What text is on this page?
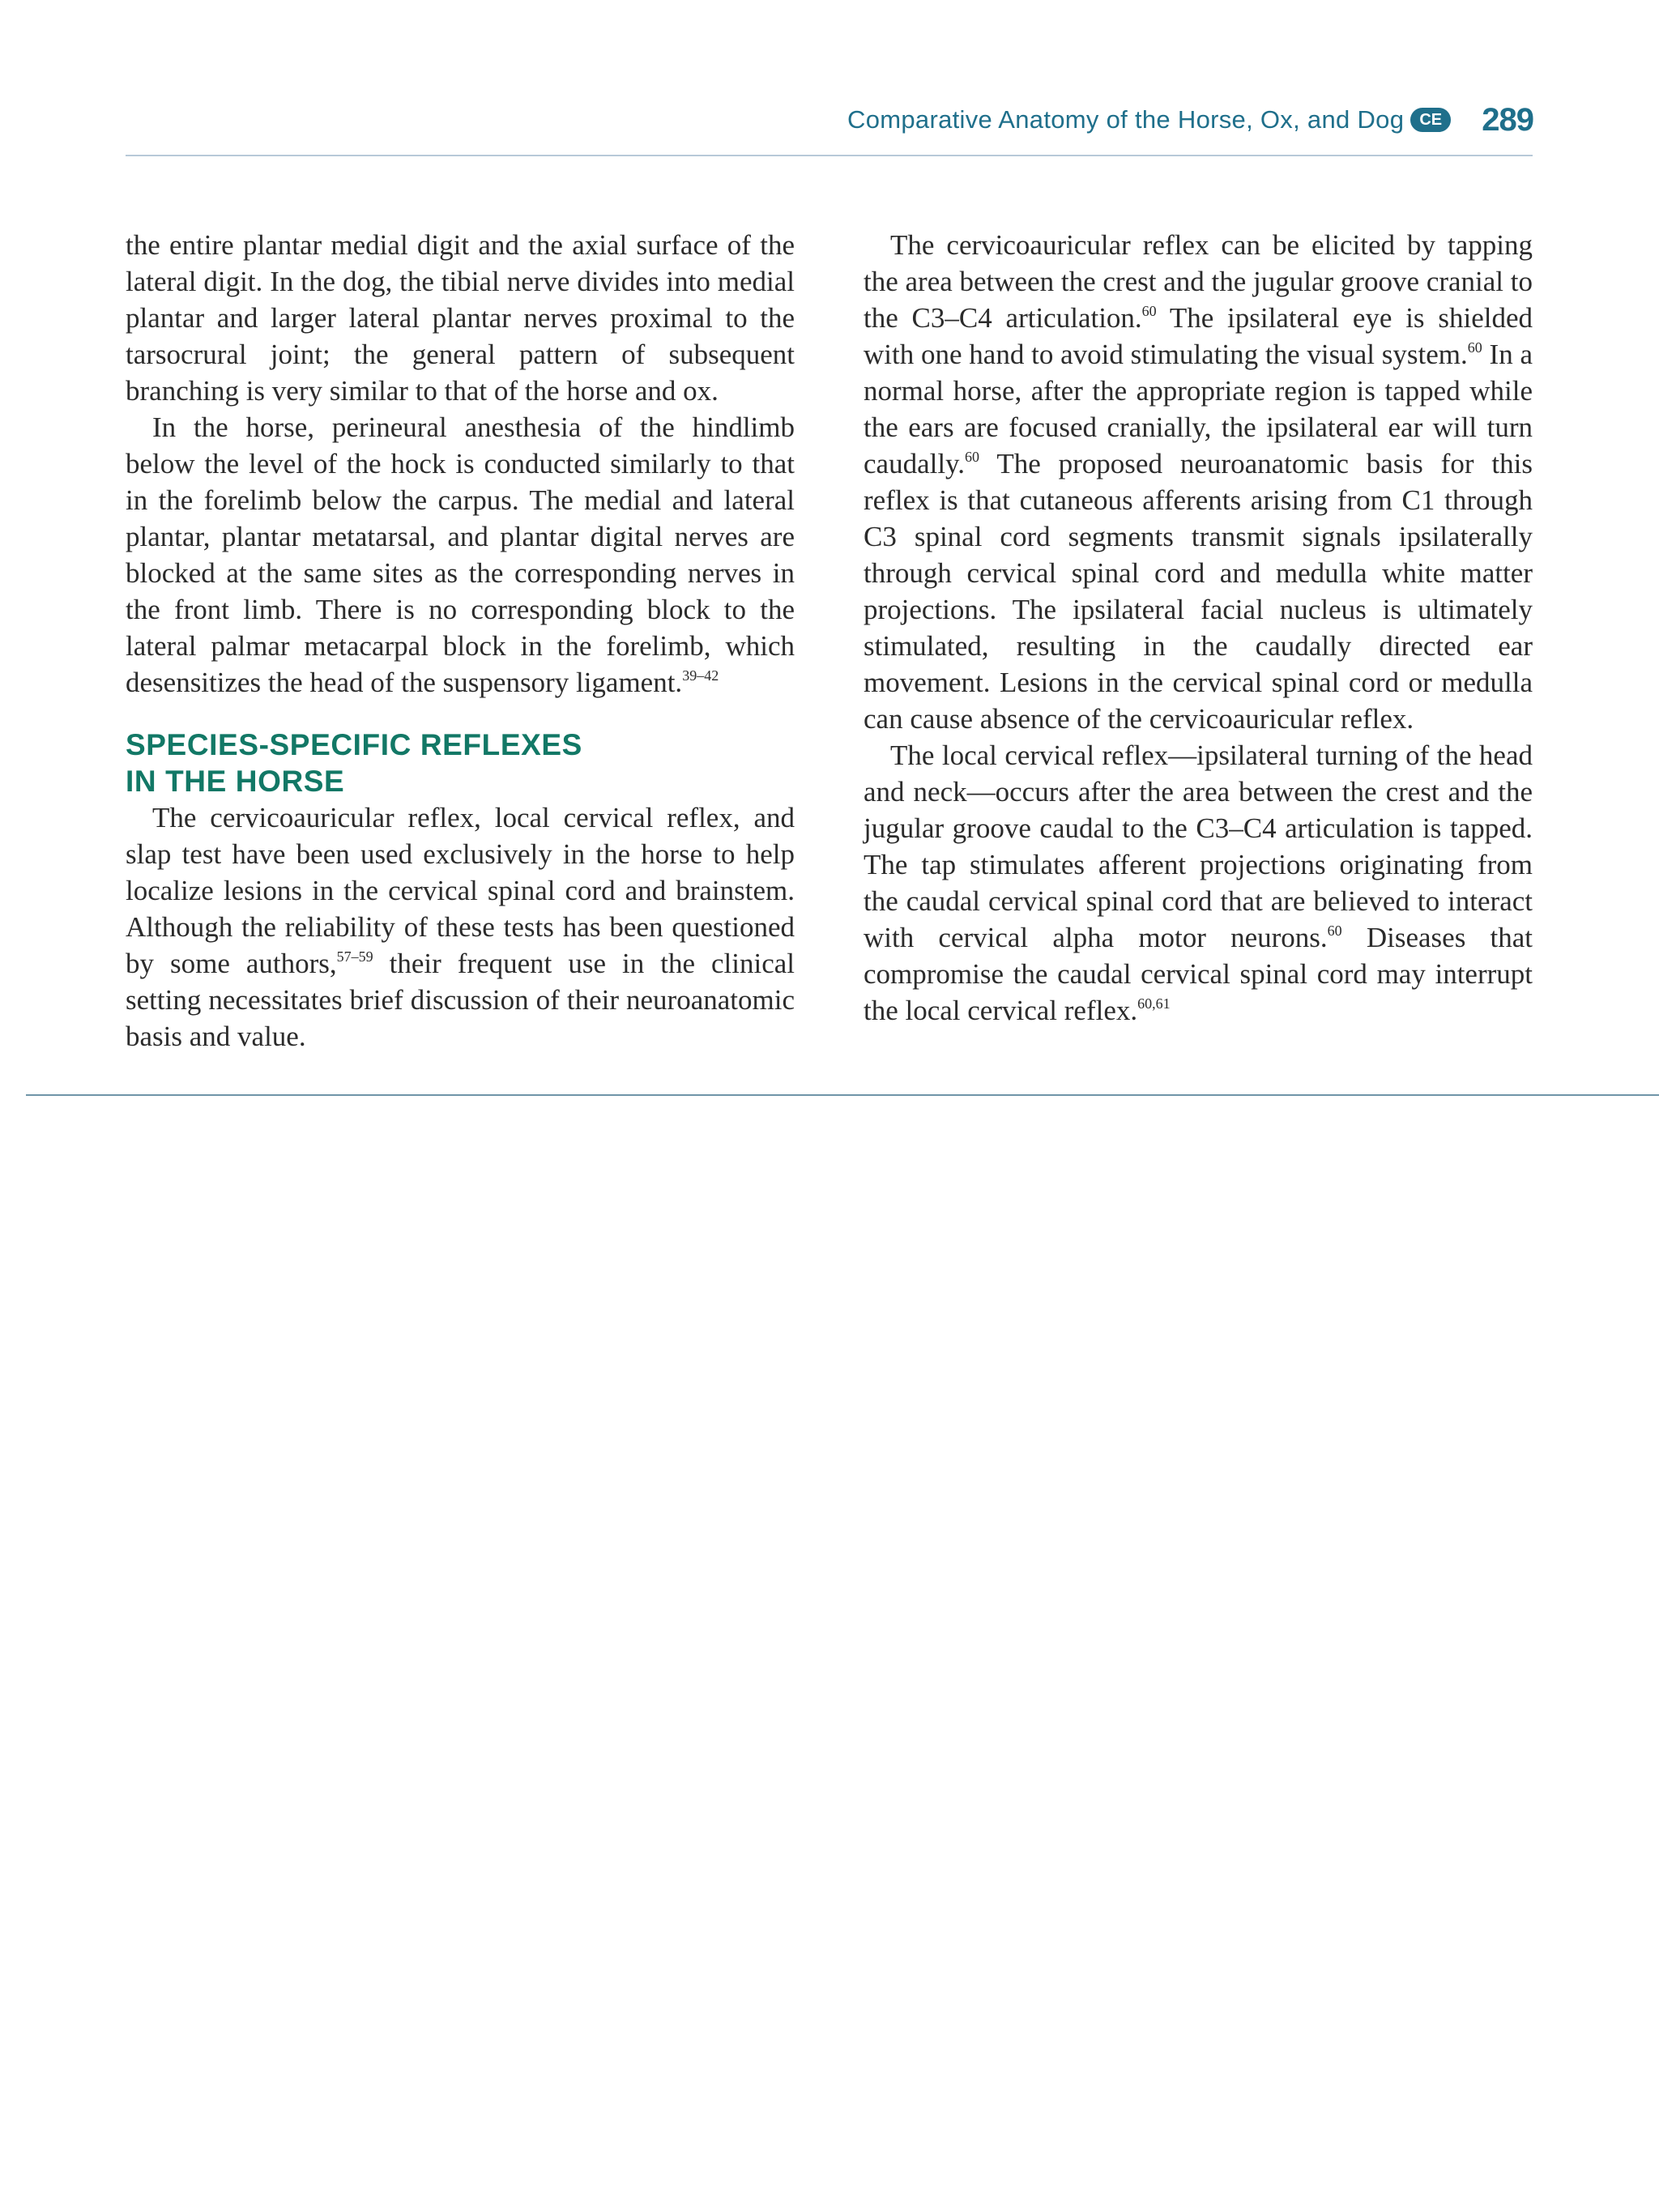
Comparative Anatomy of the Horse, Ox, and Dog CE 289

the entire plantar medial digit and the axial surface of the lateral digit. In the dog, the tibial nerve divides into medial plantar and larger lateral plantar nerves proximal to the tarsocrural joint; the general pattern of subsequent branching is very similar to that of the horse and ox.

In the horse, perineural anesthesia of the hindlimb below the level of the hock is conducted similarly to that in the forelimb below the carpus. The medial and lateral plantar, plantar metatarsal, and plantar digital nerves are blocked at the same sites as the corresponding nerves in the front limb. There is no corresponding block to the lateral palmar metacarpal block in the forelimb, which desensitizes the head of the suspensory ligament.$^{39-42}$

SPECIES-SPECIFIC REFLEXES
IN THE HORSE

The cervicoauricular reflex, local cervical reflex, and slap test have been used exclusively in the horse to help localize lesions in the cervical spinal cord and brainstem. Although the reliability of these tests has been questioned by some authors,$^{57-59}$ their frequent use in the clinical setting necessitates brief discussion of their neuroanatomic basis and value.

The cervicoauricular reflex can be elicited by tapping the area between the crest and the jugular groove cranial to the C3–C4 articulation.$^{60}$ The ipsilateral eye is shielded with one hand to avoid stimulating the visual system.$^{60}$ In a normal horse, after the appropriate region is tapped while the ears are focused cranially, the ipsilateral ear will turn caudally.$^{60}$ The proposed neuroanatomic basis for this reflex is that cutaneous afferents arising from C1 through C3 spinal cord segments transmit signals ipsilaterally through cervical spinal cord and medulla white matter projections. The ipsilateral facial nucleus is ultimately stimulated, resulting in the caudally directed ear movement. Lesions in the cervical spinal cord or medulla can cause absence of the cervicoauricular reflex.

The local cervical reflex—ipsilateral turning of the head and neck—occurs after the area between the crest and the jugular groove caudal to the C3–C4 articulation is tapped. The tap stimulates afferent projections originating from the caudal cervical spinal cord that are believed to interact with cervical alpha motor neurons.$^{60}$ Diseases that compromise the caudal cervical spinal cord may interrupt the local cervical reflex.$^{60,61}$
